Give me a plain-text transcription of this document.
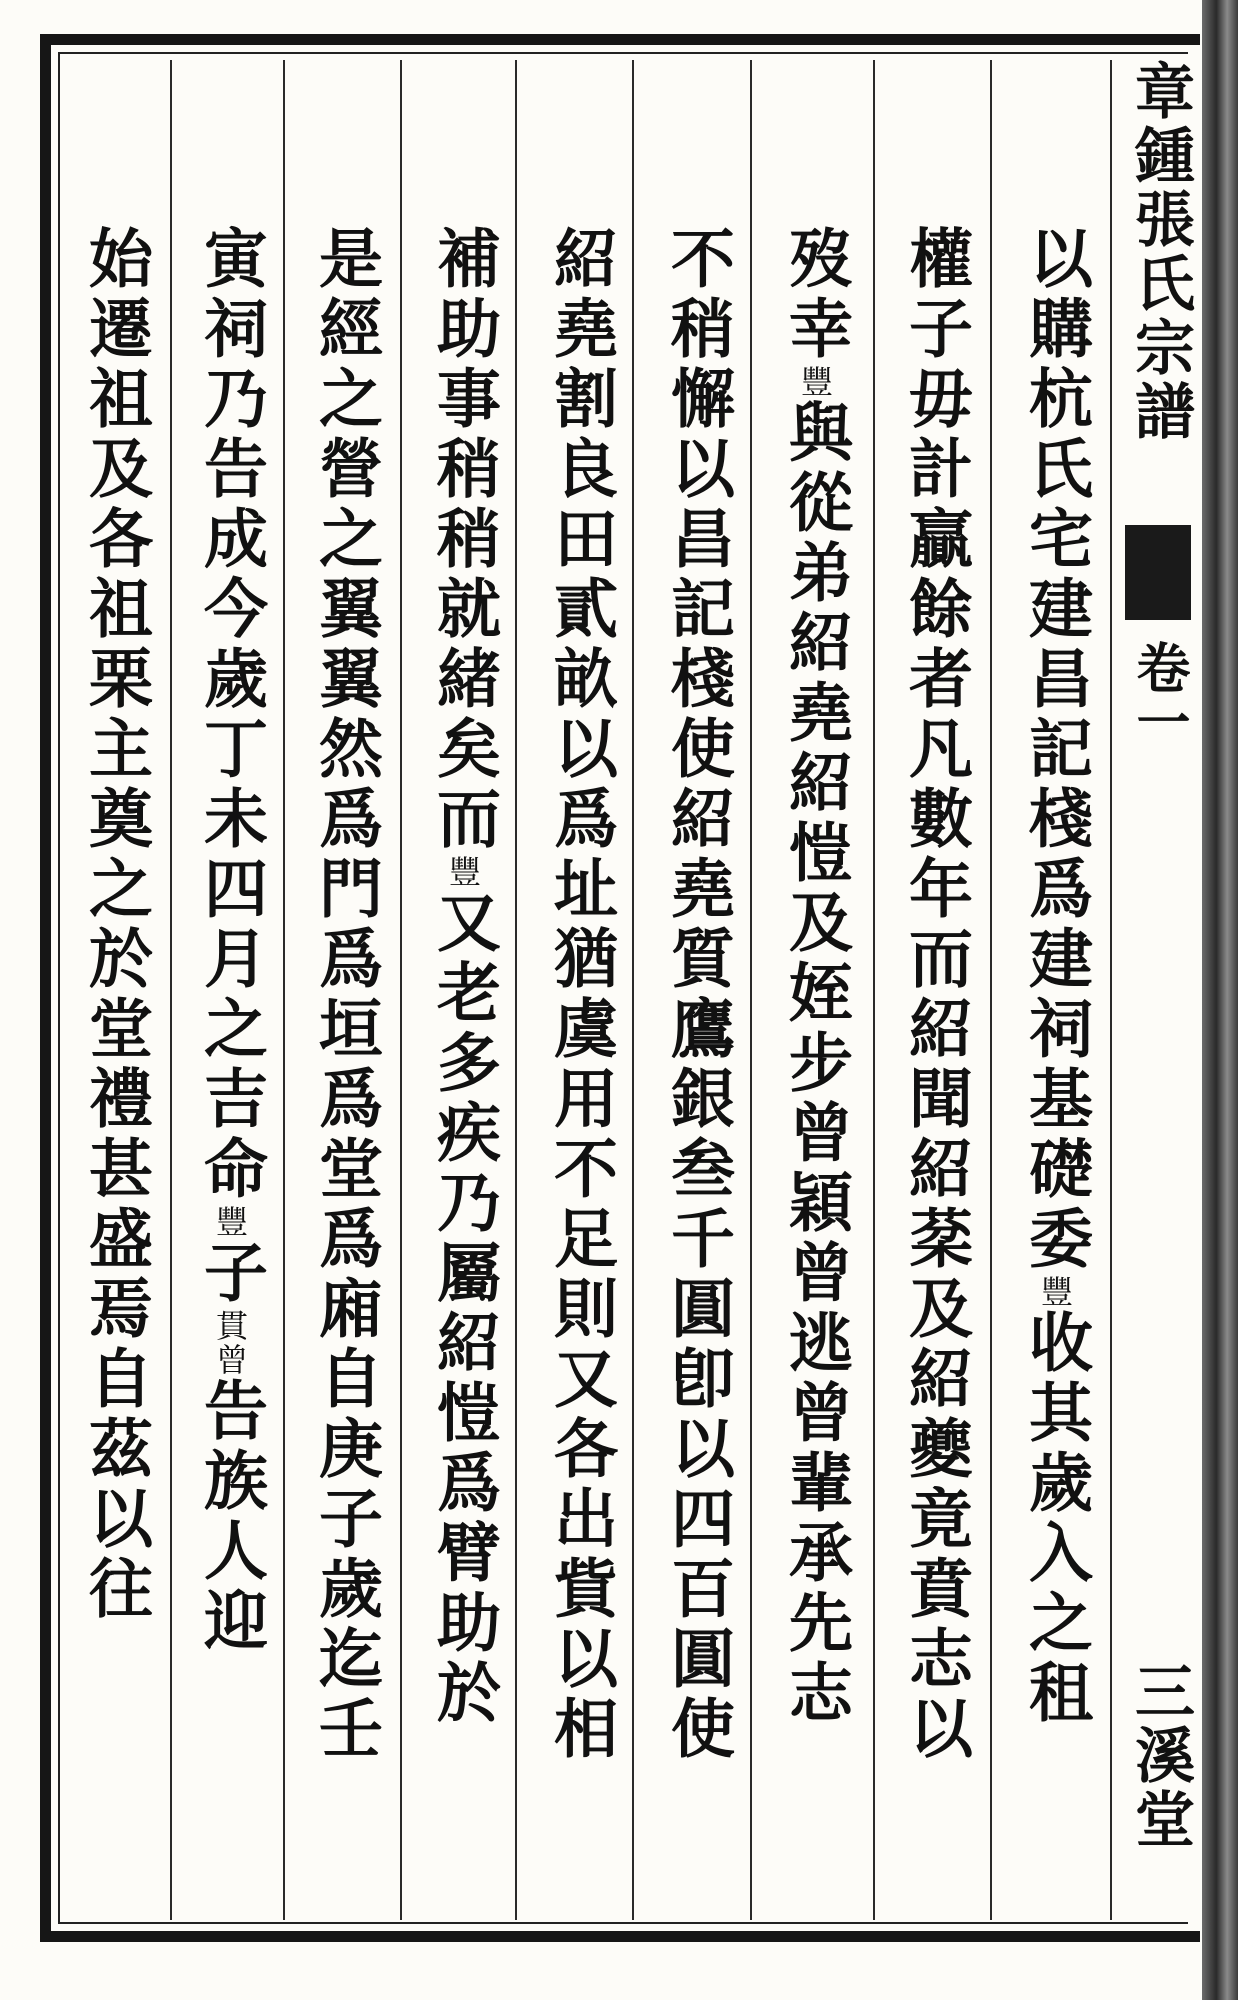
章鍾張氏宗譜
卷一
三溪堂
以購杭氏宅建昌記棧爲建祠基礎委豐收其歲入之租
權子毋計贏餘者凡數年而紹聞紹棻及紹夔竟賁志以
歿幸豐與從弟紹堯紹愷及姪步曾穎曾逃曾輩承先志
不稍懈以昌記棧使紹堯質鷹銀叁千圓卽以四百圓使
紹堯割良田貳畝以爲址猶虞用不足則又各出貲以相
補助事稍稍就緒矣而豐又老多疾乃屬紹愷爲臂助於
是經之營之翼翼然爲門爲垣爲堂爲廂自庚子歲迄壬
寅祠乃告成今歲丁未四月之吉命豐子貫曾告族人迎
始遷祖及各祖栗主奠之於堂禮甚盛焉自茲以往
